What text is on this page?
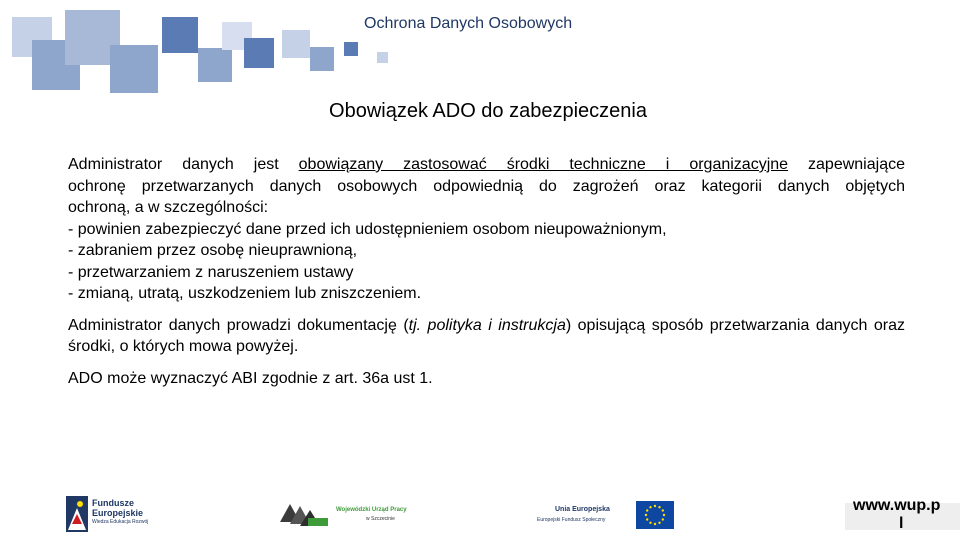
Ochrona Danych Osobowych
Obowiązek ADO do zabezpieczenia
Administrator danych jest obowiązany zastosować środki techniczne i organizacyjne zapewniające
ochronę przetwarzanych danych osobowych odpowiednią do zagrożeń oraz kategorii danych objętych
ochroną, a w szczególności:
- powinien zabezpieczyć dane przed ich udostępnieniem osobom nieupoważnionym,
- zabraniem przez osobę nieuprawnioną,
- przetwarzaniem z naruszeniem ustawy
- zmianą, utratą, uszkodzeniem lub zniszczeniem.
Administrator danych prowadzi dokumentację (tj. polityka i instrukcja) opisującą sposób przetwarzania danych oraz środki, o których mowa powyżej.
ADO może wyznaczyć ABI zgodnie z art. 36a ust 1.
Fundusze
Europejskie
Wiedza Edukacja Rozwój
Wojewódzki Urząd Pracy
w Szczecinie
Unia Europejska
Europejski Fundusz Społeczny
www.wup.p
l
